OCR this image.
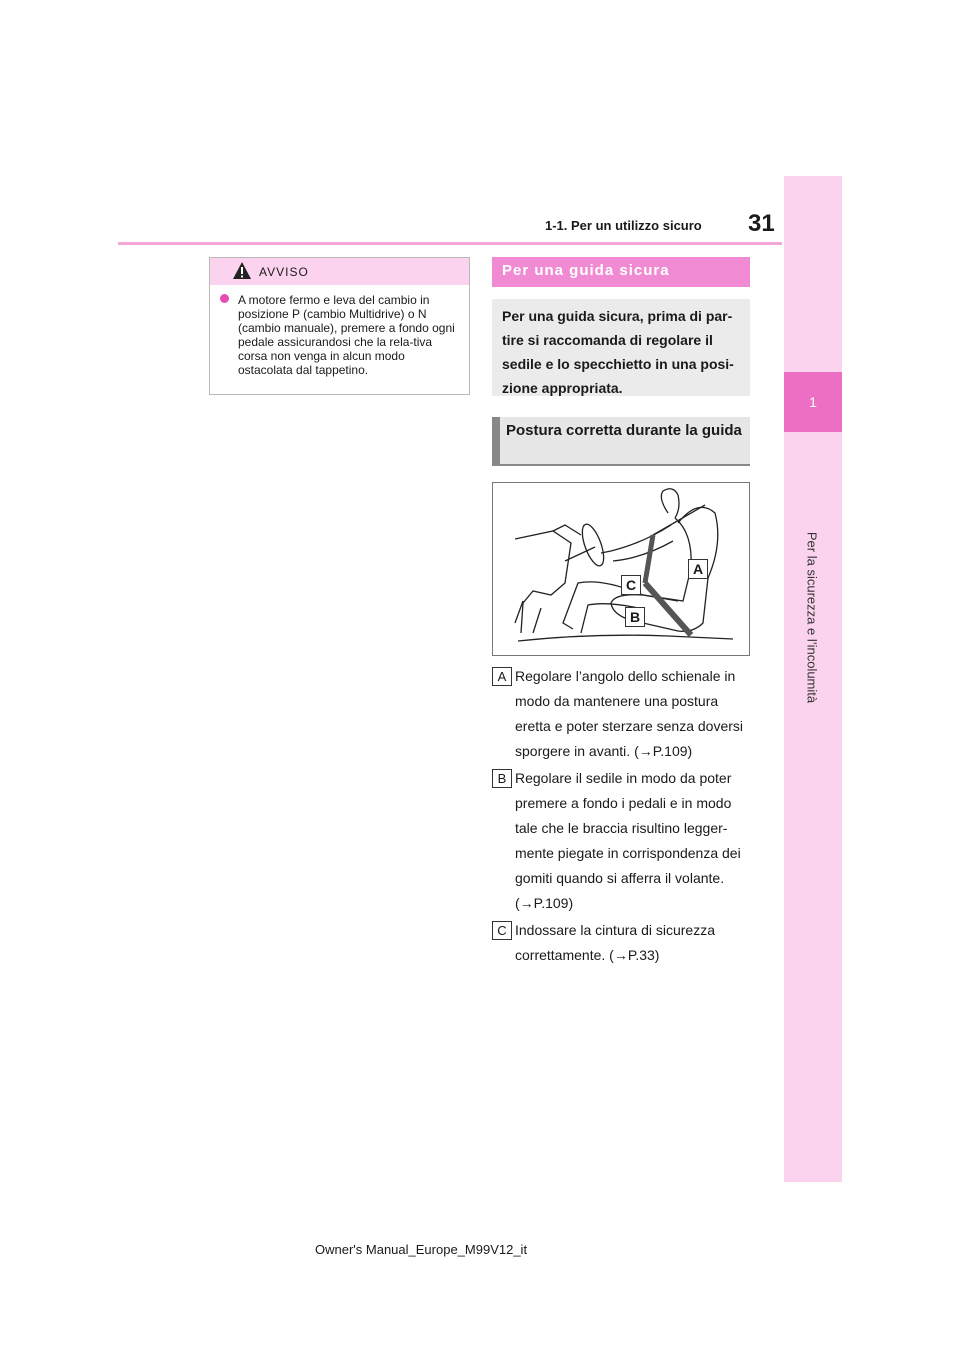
1-1. Per un utilizzo sicuro 31
1
Per la sicurezza e l’incolumità
AVVISO
A motore fermo e leva del cambio in posizione P (cambio Multidrive) o N (cambio manuale), premere a fondo ogni pedale assicurandosi che la rela-tiva corsa non venga in alcun modo ostacolata dal tappetino.
Per una guida sicura
Per una guida sicura, prima di par-tire si raccomanda di regolare il sedile e lo specchietto in una posi-zione appropriata.
Postura corretta durante la guida
A
C
B
A Regolare l’angolo dello schienale in modo da mantenere una postura eretta e poter sterzare senza doversi sporgere in avanti. (→P.109)
B Regolare il sedile in modo da poter premere a fondo i pedali e in modo tale che le braccia risultino legger-mente piegate in corrispondenza dei gomiti quando si afferra il volante. (→P.109)
C Indossare la cintura di sicurezza correttamente. (→P.33)
Owner's Manual_Europe_M99V12_it
